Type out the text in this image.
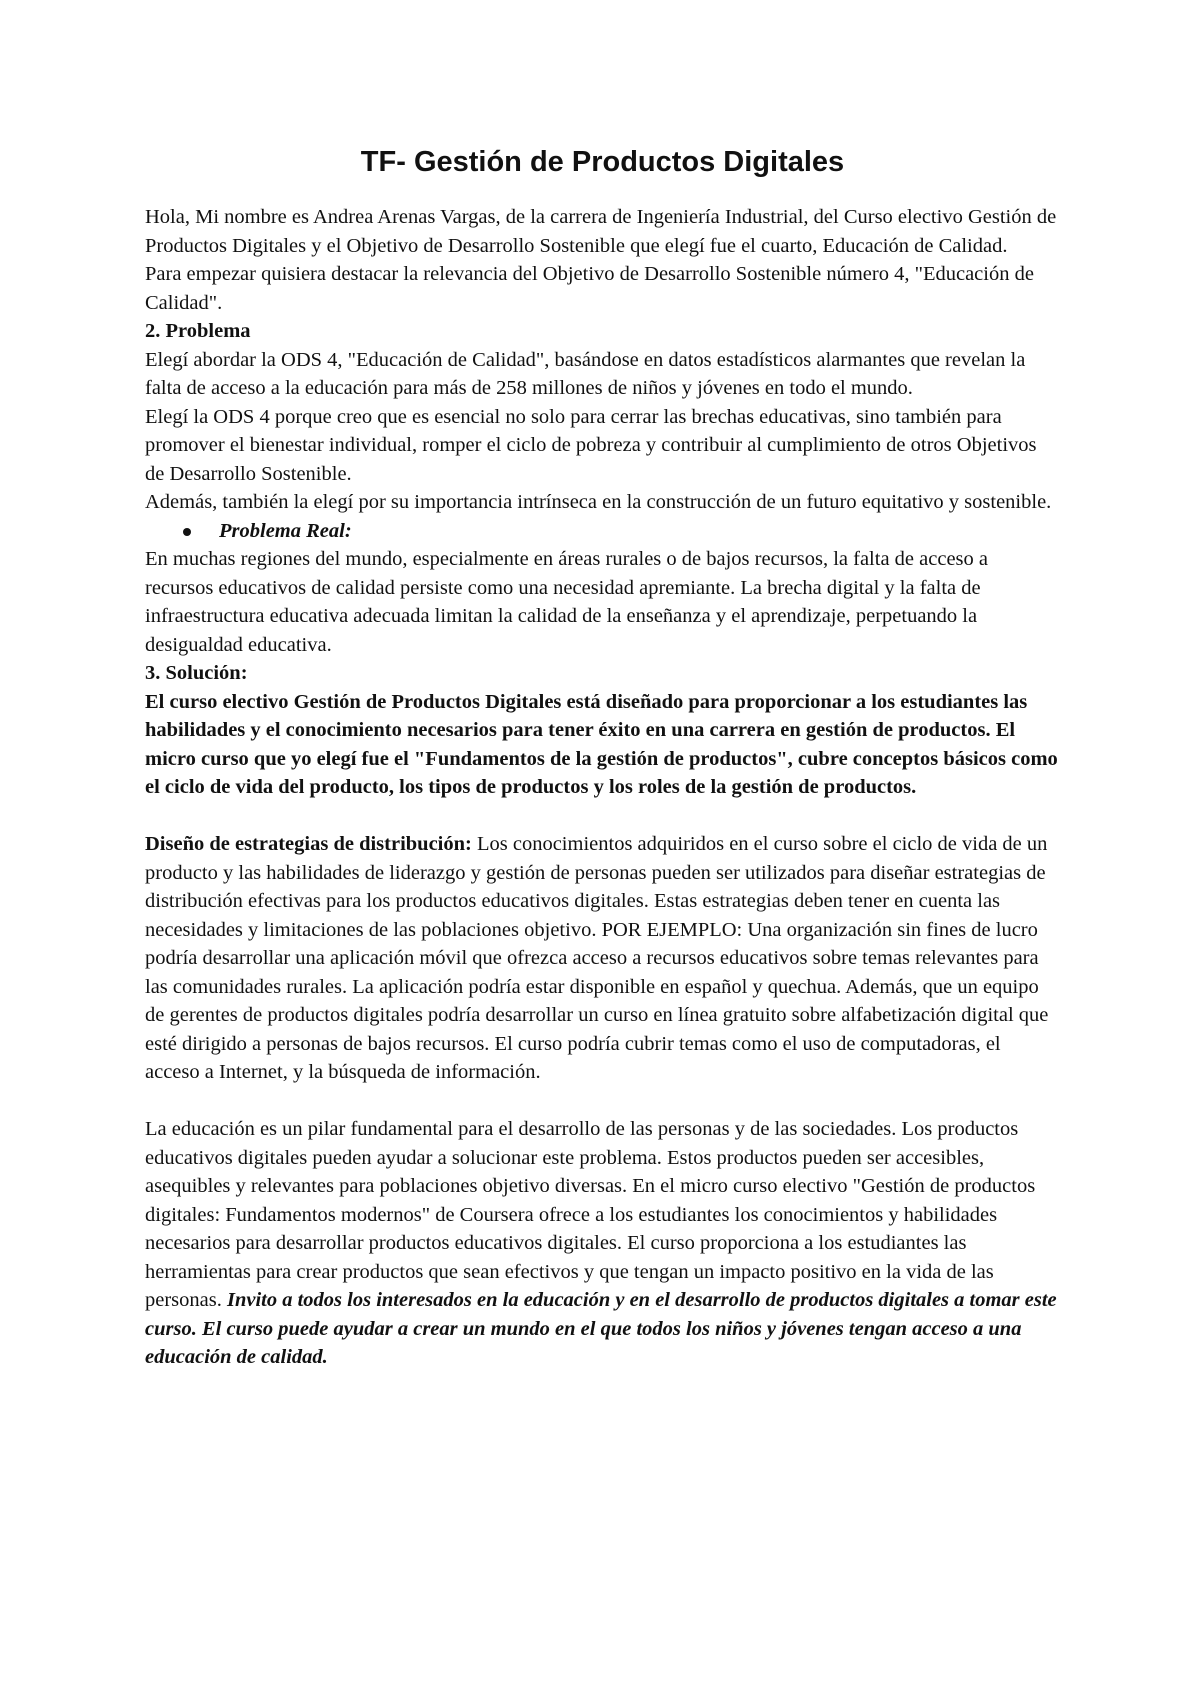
TF- Gestión de Productos Digitales

Hola, Mi nombre es Andrea Arenas Vargas, de la carrera de Ingeniería Industrial, del Curso electivo Gestión de Productos Digitales y el Objetivo de Desarrollo Sostenible que elegí fue el cuarto, Educación de Calidad.

Para empezar quisiera destacar la relevancia del Objetivo de Desarrollo Sostenible número 4, "Educación de Calidad".

2. Problema

Elegí abordar la ODS 4, "Educación de Calidad", basándose en datos estadísticos alarmantes que revelan la falta de acceso a la educación para más de 258 millones de niños y jóvenes en todo el mundo.

Elegí la ODS 4 porque creo que es esencial no solo para cerrar las brechas educativas, sino también para promover el bienestar individual, romper el ciclo de pobreza y contribuir al cumplimiento de otros Objetivos de Desarrollo Sostenible.

Además, también la elegí por su importancia intrínseca en la construcción de un futuro equitativo y sostenible.

Problema Real:

En muchas regiones del mundo, especialmente en áreas rurales o de bajos recursos, la falta de acceso a recursos educativos de calidad persiste como una necesidad apremiante. La brecha digital y la falta de infraestructura educativa adecuada limitan la calidad de la enseñanza y el aprendizaje, perpetuando la desigualdad educativa.

3. Solución:

El curso electivo Gestión de Productos Digitales está diseñado para proporcionar a los estudiantes las habilidades y el conocimiento necesarios para tener éxito en una carrera en gestión de productos. El micro curso que yo elegí fue el "Fundamentos de la gestión de productos", cubre conceptos básicos como el ciclo de vida del producto, los tipos de productos y los roles de la gestión de productos.

Diseño de estrategias de distribución: Los conocimientos adquiridos en el curso sobre el ciclo de vida de un producto y las habilidades de liderazgo y gestión de personas pueden ser utilizados para diseñar estrategias de distribución efectivas para los productos educativos digitales. Estas estrategias deben tener en cuenta las necesidades y limitaciones de las poblaciones objetivo. POR EJEMPLO: Una organización sin fines de lucro podría desarrollar una aplicación móvil que ofrezca acceso a recursos educativos sobre temas relevantes para las comunidades rurales. La aplicación podría estar disponible en español y quechua. Además, que un equipo de gerentes de productos digitales podría desarrollar un curso en línea gratuito sobre alfabetización digital que esté dirigido a personas de bajos recursos. El curso podría cubrir temas como el uso de computadoras, el acceso a Internet, y la búsqueda de información.

La educación es un pilar fundamental para el desarrollo de las personas y de las sociedades. Los productos educativos digitales pueden ayudar a solucionar este problema. Estos productos pueden ser accesibles, asequibles y relevantes para poblaciones objetivo diversas. En el micro curso electivo "Gestión de productos digitales: Fundamentos modernos" de Coursera ofrece a los estudiantes los conocimientos y habilidades necesarios para desarrollar productos educativos digitales. El curso proporciona a los estudiantes las herramientas para crear productos que sean efectivos y que tengan un impacto positivo en la vida de las personas. Invito a todos los interesados en la educación y en el desarrollo de productos digitales a tomar este curso. El curso puede ayudar a crear un mundo en el que todos los niños y jóvenes tengan acceso a una educación de calidad.
